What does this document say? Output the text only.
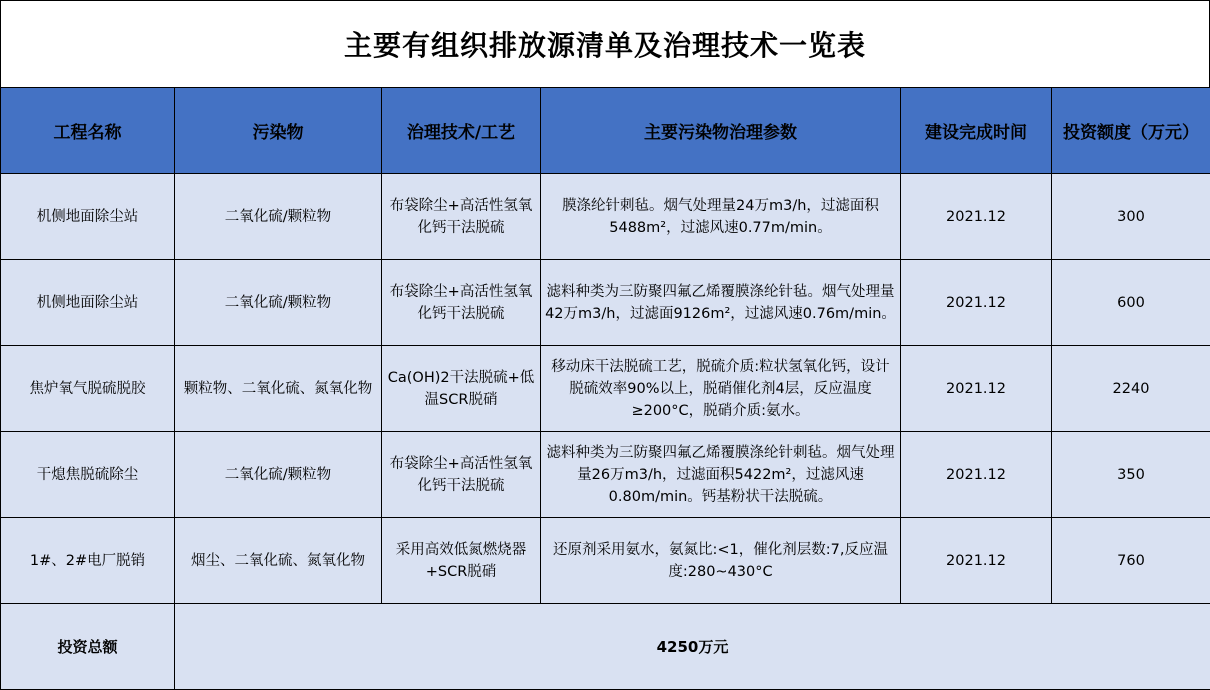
主要有组织排放源清单及治理技术一览表
工程名称	污染物	治理技术/工艺	主要污染物治理参数	建设完成时间	投资额度（万元）
机侧地面除尘站	二氧化硫/颗粒物	布袋除尘+高活性氢氧化钙干法脱硫	膜涤纶针刺毡。烟气处理量24万m3/h，过滤面积5488m²，过滤风速0.77m/min。	2021.12	300
机侧地面除尘站	二氧化硫/颗粒物	布袋除尘+高活性氢氧化钙干法脱硫	滤料种类为三防聚四氟乙烯覆膜涤纶针毡。烟气处理量42万m3/h，过滤面9126m²，过滤风速0.76m/min。	2021.12	600
焦炉氧气脱硫脱胶	颗粒物、二氧化硫、氮氧化物	Ca(OH)2干法脱硫+低温SCR脱硝	移动床干法脱硫工艺，脱硫介质:粒状氢氧化钙，设计脱硫效率90%以上，脱硝催化剂4层，反应温度≥200°C，脱硝介质:氨水。	2021.12	2240
干熄焦脱硫除尘	二氧化硫/颗粒物	布袋除尘+高活性氢氧化钙干法脱硫	滤料种类为三防聚四氟乙烯覆膜涤纶针刺毡。烟气处理量26万m3/h，过滤面积5422m²，过滤风速0.80m/min。钙基粉状干法脱硫。	2021.12	350
1#、2#电厂脱销	烟尘、二氧化硫、氮氧化物	采用高效低氮燃烧器+SCR脱硝	还原剂采用氨水，氨氮比:<1，催化剂层数:7,反应温度:280~430°C	2021.12	760
投资总额	4250万元				
